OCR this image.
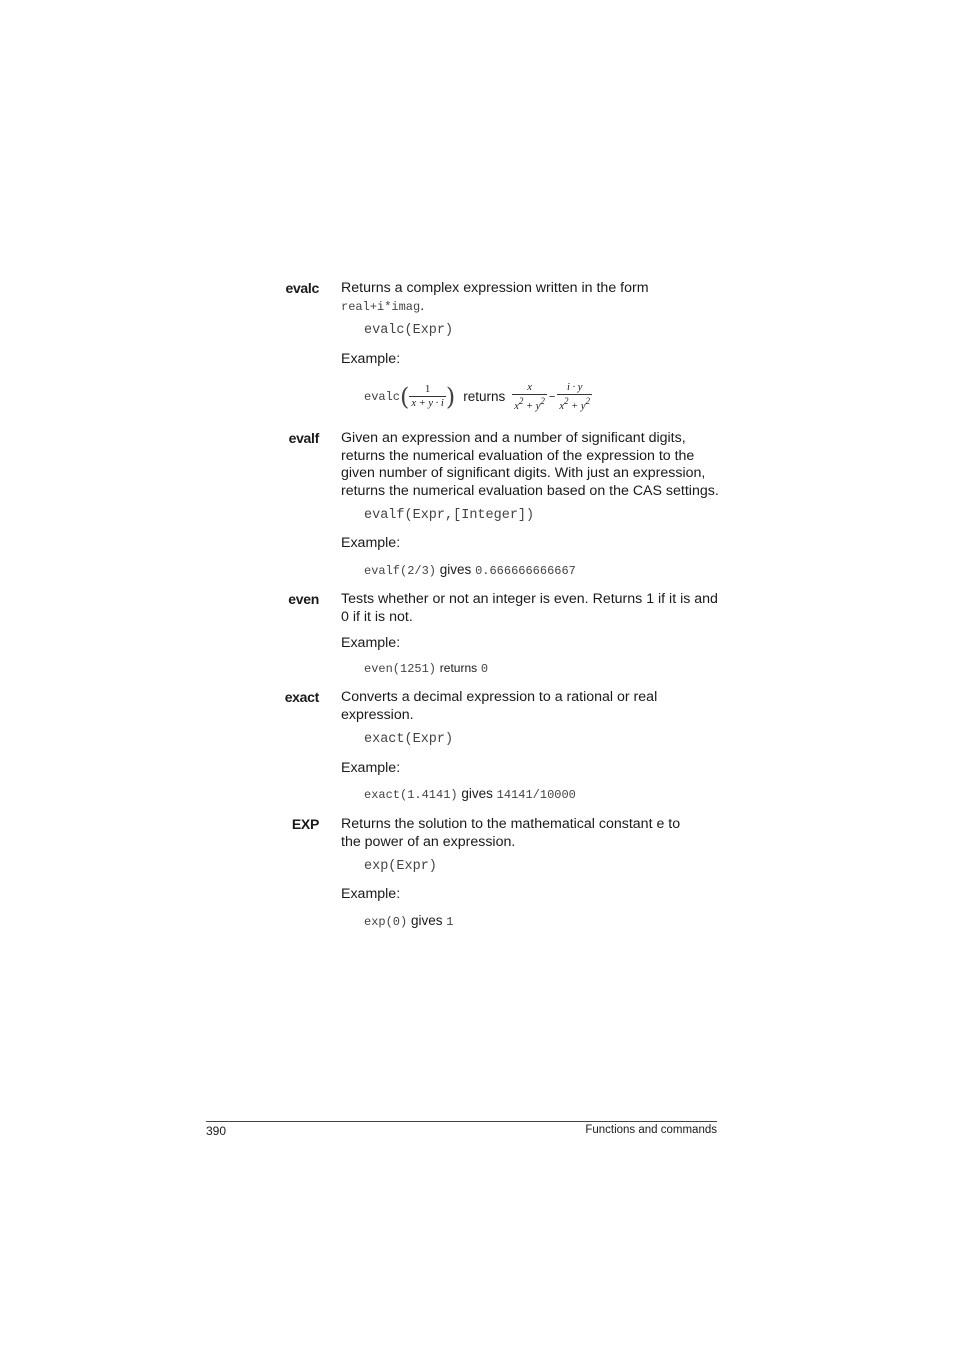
evalc Returns a complex expression written in the form
real+i*imag.
evalc(Expr)
Example:
evalc ( $\frac{1}{x + y \cdot i}$ ) returns $\frac{x}{x^2 + y^2} - \frac{i \cdot y}{x^2 + y^2}$
evalf Given an expression and a number of significant digits, returns the numerical evaluation of the expression to the given number of significant digits. With just an expression, returns the numerical evaluation based on the CAS settings.
evalf(Expr,[Integer])
Example:
evalf(2/3) gives 0.666666666667
even Tests whether or not an integer is even. Returns 1 if it is and 0 if it is not.
Example:
even(1251) returns 0
exact Converts a decimal expression to a rational or real expression.
exact(Expr)
Example:
exact(1.4141) gives 14141/10000
EXP Returns the solution to the mathematical constant e to the power of an expression.
exp(Expr)
Example:
exp(0) gives 1
390	Functions and commands
